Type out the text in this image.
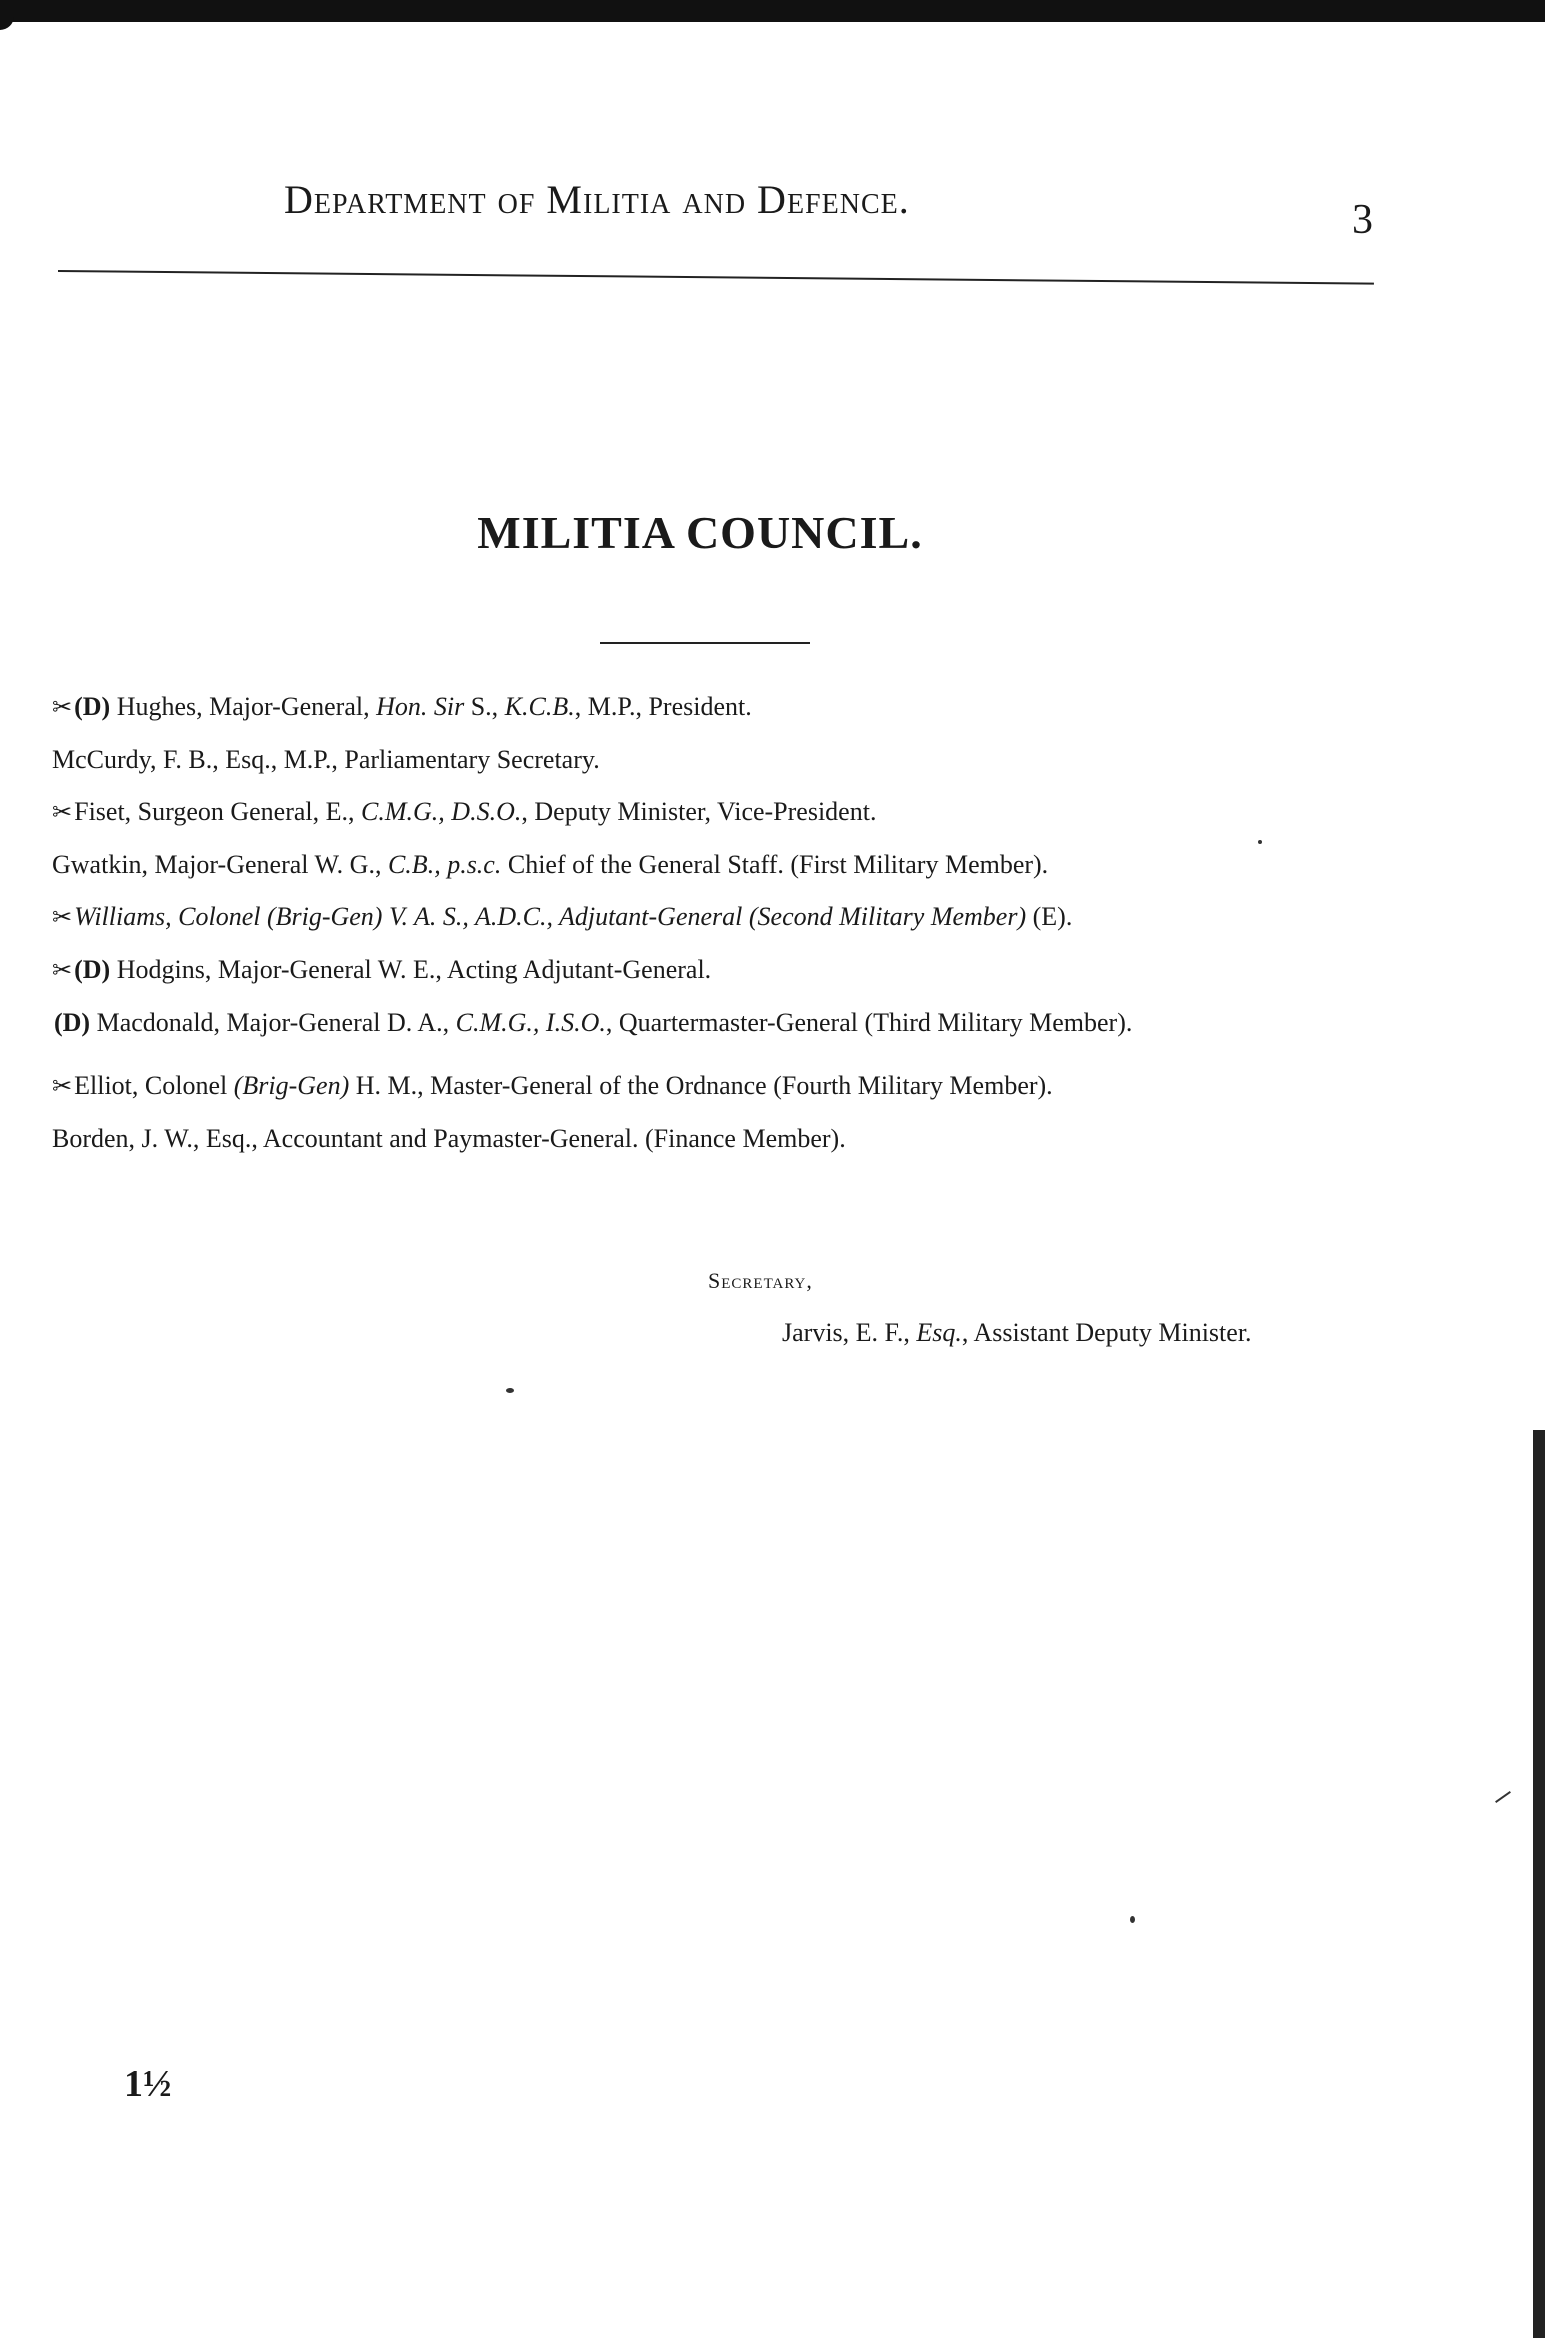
Department of Militia and Defence.	3
MILITIA COUNCIL.
✂(D) Hughes, Major-General, Hon. Sir S., K.C.B., M.P., President.
McCurdy, F. B., Esq., M.P., Parliamentary Secretary.
✂Fiset, Surgeon General, E., C.M.G., D.S.O., Deputy Minister, Vice-President.
Gwatkin, Major-General W. G., C.B., p.s.c. Chief of the General Staff. (First Military Member).
✂Williams, Colonel (Brig-Gen) V. A. S., A.D.C., Adjutant-General (Second Military Member) (E).
✂(D) Hodgins, Major-General W. E., Acting Adjutant-General.
(D) Macdonald, Major-General D. A., C.M.G., I.S.O., Quartermaster-General (Third Military Member).
✂Elliot, Colonel (Brig-Gen) H. M., Master-General of the Ordnance (Fourth Military Member).
Borden, J. W., Esq., Accountant and Paymaster-General. (Finance Member).
Secretary,
Jarvis, E. F., Esq., Assistant Deputy Minister.
1½
